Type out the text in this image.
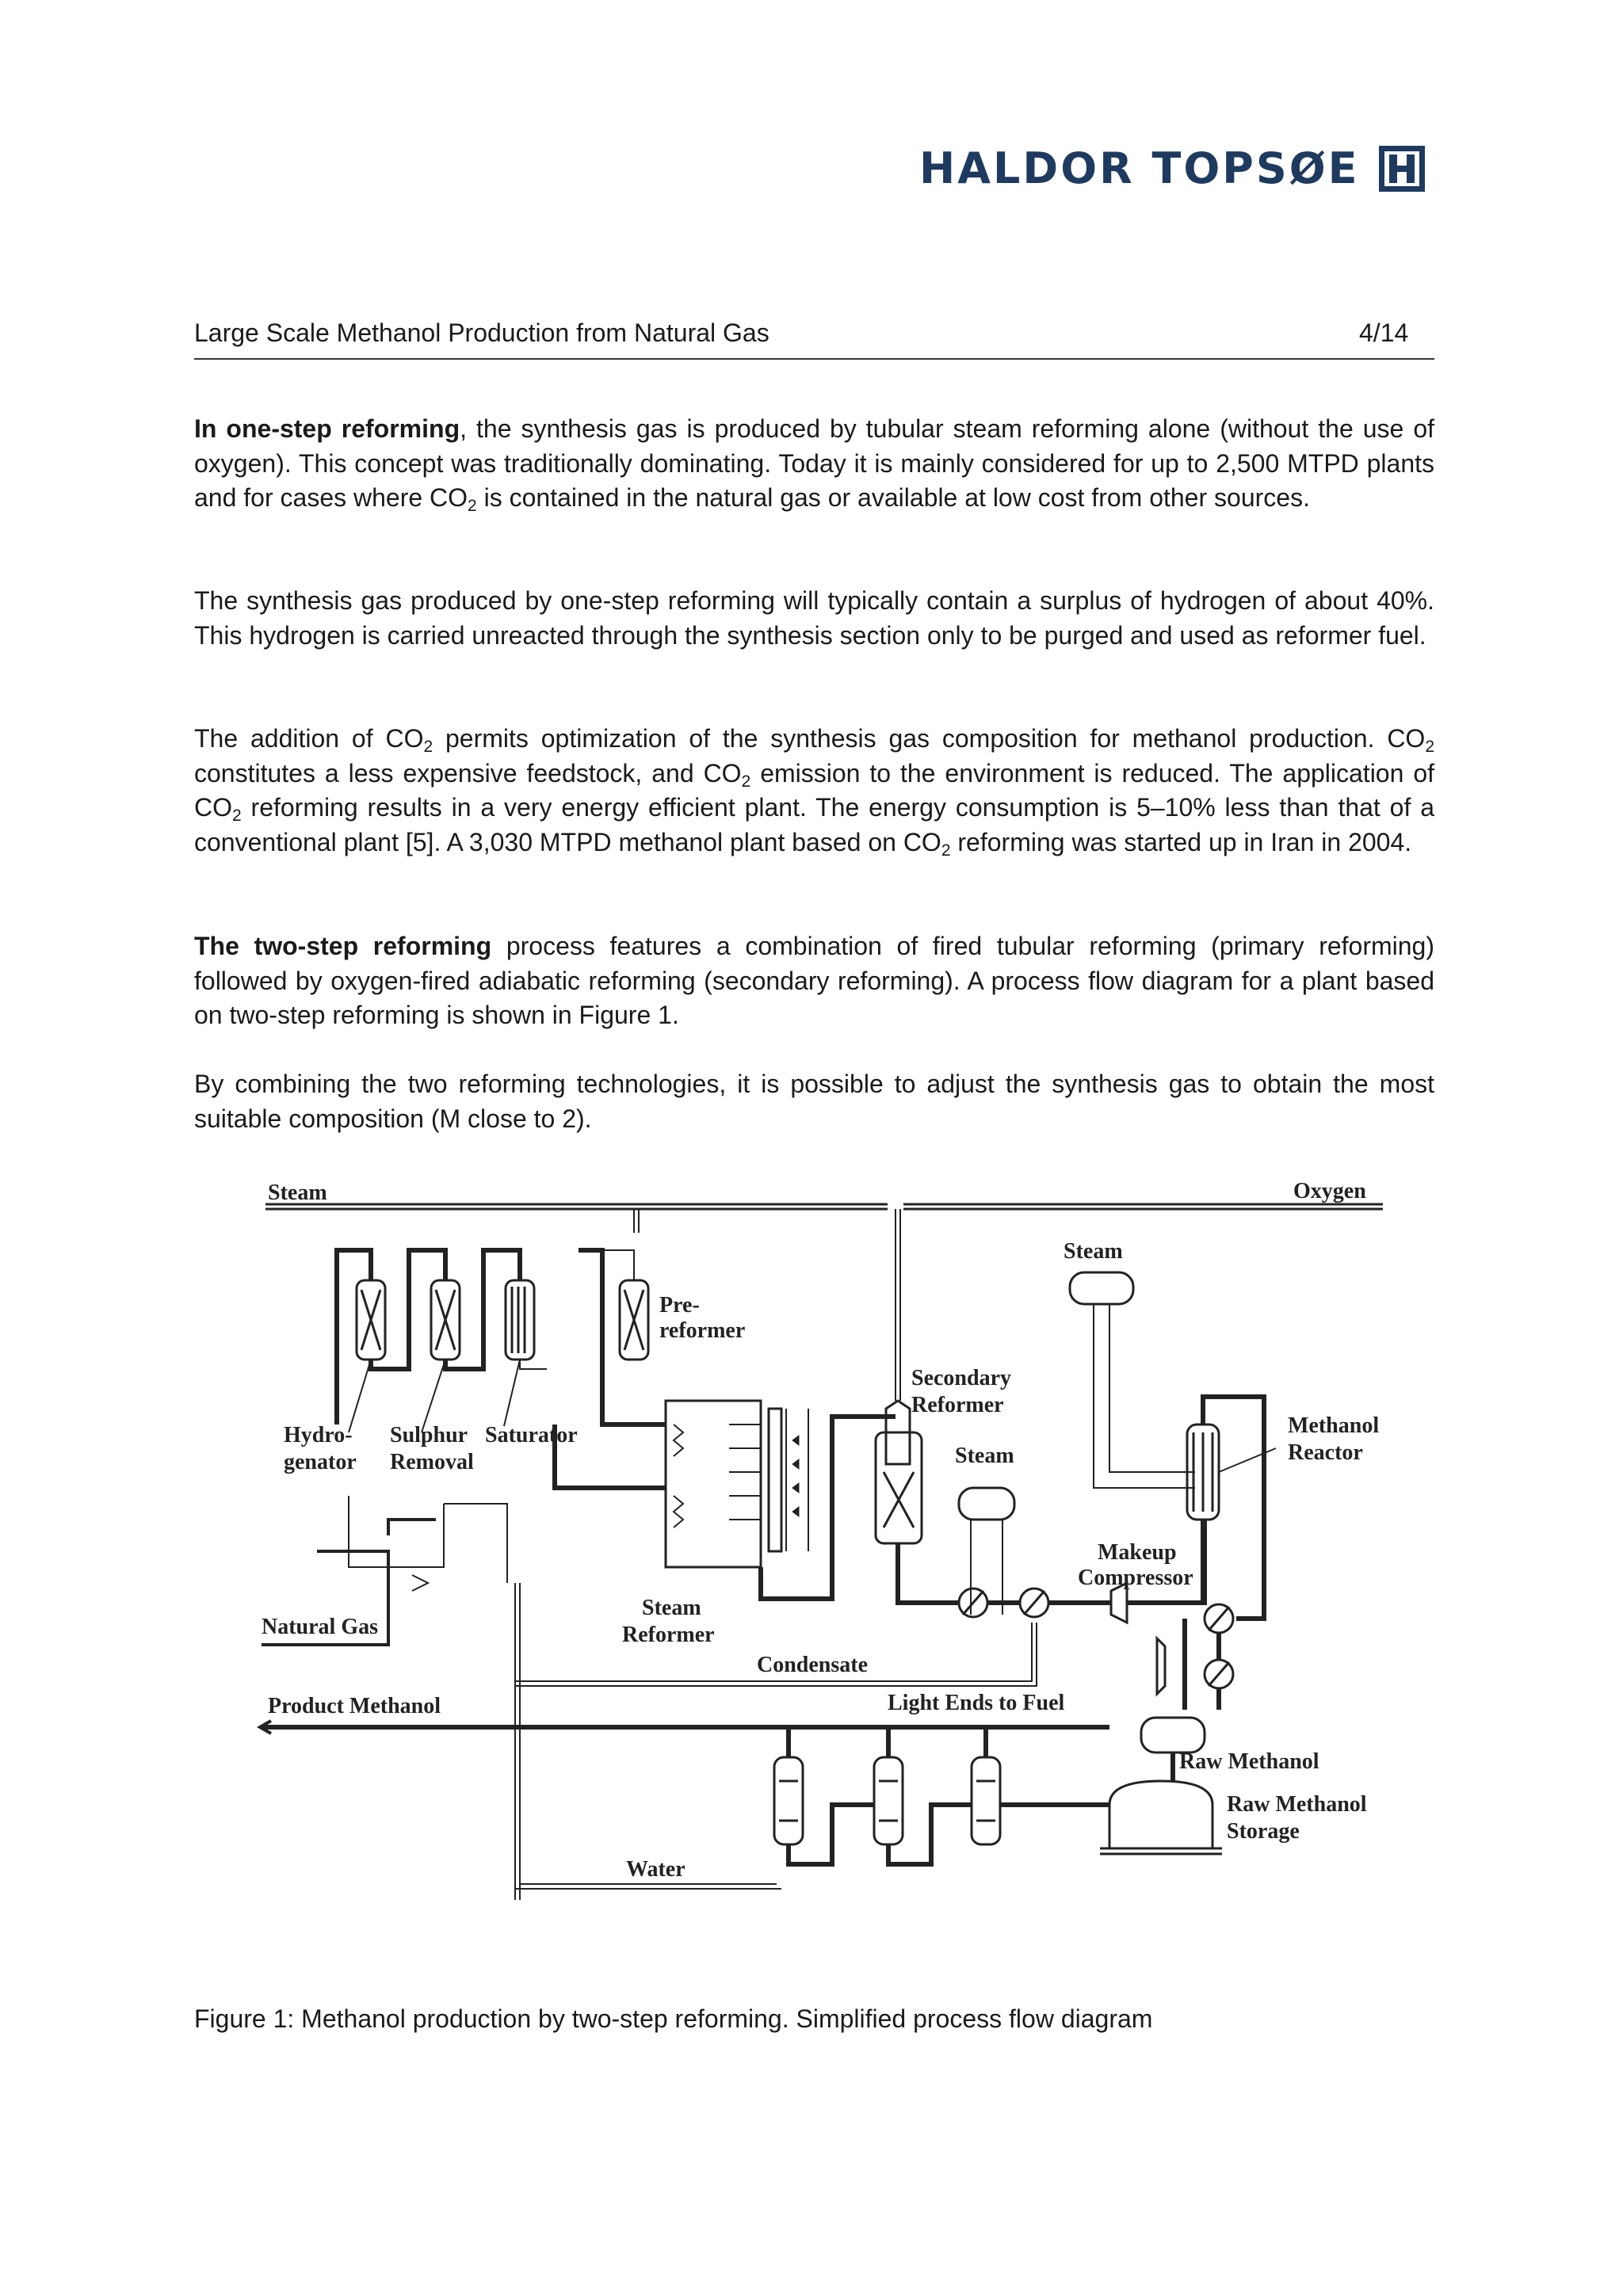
HALDOR TOPSØE
Large Scale Methanol Production from Natural Gas	4/14

In one-step reforming, the synthesis gas is produced by tubular steam reforming alone (without the use of oxygen). This concept was traditionally dominating. Today it is mainly considered for up to 2,500 MTPD plants and for cases where $CO_2$ is contained in the natural gas or available at low cost from other sources.

The synthesis gas produced by one-step reforming will typically contain a surplus of hydrogen of about 40%. This hydrogen is carried unreacted through the synthesis section only to be purged and used as reformer fuel.

The addition of $CO_2$ permits optimization of the synthesis gas composition for methanol production. $CO_2$ constitutes a less expensive feedstock, and $CO_2$ emission to the environment is reduced. The application of $CO_2$ reforming results in a very energy efficient plant. The energy consumption is 5–10% less than that of a conventional plant [5]. A 3,030 MTPD methanol plant based on $CO_2$ reforming was started up in Iran in 2004.

The two-step reforming process features a combination of fired tubular reforming (primary reforming) followed by oxygen-fired adiabatic reforming (secondary reforming). A process flow diagram for a plant based on two-step reforming is shown in Figure 1.

By combining the two reforming technologies, it is possible to adjust the synthesis gas to obtain the most suitable composition (M close to 2).

Steam	Oxygen
Pre-
reformer
Hydro-
genator
Sulphur
Removal
Saturator
Steam
Reformer
Secondary
Reformer
Steam
Steam
Methanol
Reactor
Makeup
Compressor
Natural Gas
Condensate
Product Methanol	Light Ends to Fuel
Water
Raw Methanol
Raw Methanol
Storage
Figure 1: Methanol production by two-step reforming. Simplified process flow diagram
